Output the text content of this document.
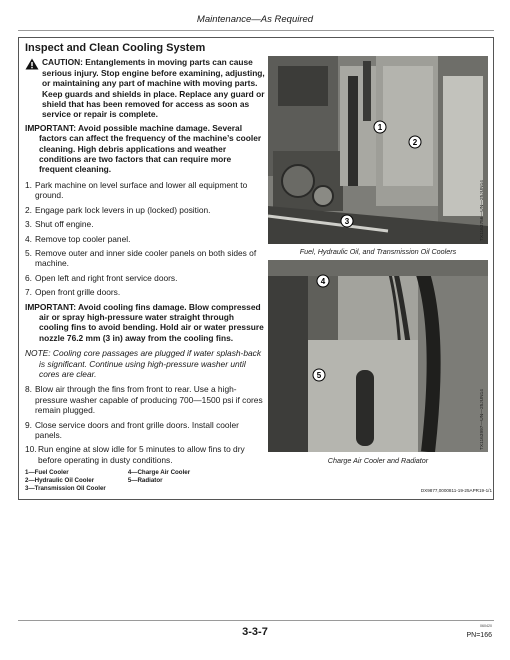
Maintenance—As Required
Inspect and Clean Cooling System
CAUTION: Entanglements in moving parts can cause serious injury. Stop engine before examining, adjusting, or maintaining any part of machine with moving parts. Keep guards and shields in place. Replace any guard or shield that has been removed for access as soon as service or repair is complete.
IMPORTANT: Avoid possible machine damage. Several factors can affect the frequency of the machine’s cooler cleaning. High debris applications and weather conditions are two factors that can require more frequent cleaning.
1. Park machine on level surface and lower all equipment to ground.
2. Engage park lock levers in up (locked) position.
3. Shut off engine.
4. Remove top cooler panel.
5. Remove outer and inner side cooler panels on both sides of machine.
6. Open left and right front service doors.
7. Open front grille doors.
IMPORTANT: Avoid cooling fins damage. Blow compressed air or spray high-pressure water straight through cooling fins to avoid bending. Hold air or water pressure nozzle 76.2 mm (3 in) away from the cooling fins.
NOTE: Cooling core passages are plugged if water splash-back is significant. Continue using high-pressure washer until cores are clear.
8. Blow air through the fins from front to rear. Use a high-pressure washer capable of producing 700—1500 psi if cores remain plugged.
9. Close service doors and front grille doors. Install cooler panels.
10. Run engine at slow idle for 5 minutes to allow fins to dry before operating in dusty conditions.
1—Fuel Cooler
2—Hydraulic Oil Cooler
3—Transmission Oil Cooler
4—Charge Air Cooler
5—Radiator
1
2
3	TX1163756—UN—25JUN14
Fuel, Hydraulic Oil, and Transmission Oil Coolers
4
5
TX1163997—UN—25JUN14
Charge Air Cooler and Radiator
DX9877,0000811-19-25APR19-1/1
060420
3-3-7	PN=166
